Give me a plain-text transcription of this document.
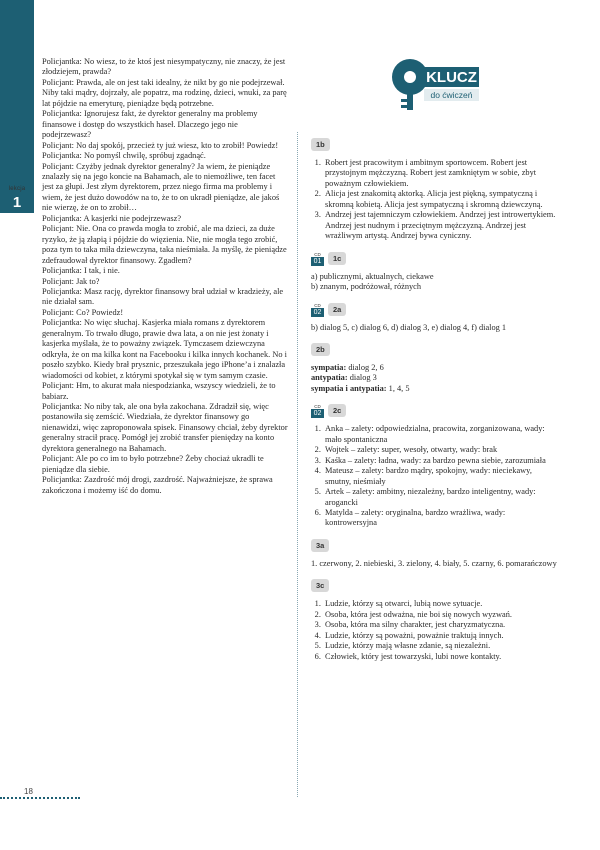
lekcja
1

Policjantka: No wiesz, to że ktoś jest niesympatyczny, nie znaczy, że jest złodziejem, prawda?

Policjant: Prawda, ale on jest taki idealny, że nikt by go nie podejrzewał. Niby taki mądry, dojrzały, ale popatrz, ma rodzinę, dzieci, wnuki, za parę lat pójdzie na emeryturę, pieniądze będą potrzebne.

Policjantka: Ignorujesz fakt, że dyrektor generalny ma problemy finansowe i dostęp do wszystkich haseł. Dlaczego jego nie podejrzewasz?

Policjant: No daj spokój, przecież ty już wiesz, kto to zrobił! Powiedz!

Policjantka: No pomyśl chwilę, spróbuj zgadnąć.

Policjant: Czyżby jednak dyrektor generalny? Ja wiem, że pieniądze znalazły się na jego koncie na Bahamach, ale to niemożliwe, ten facet jest za głupi. Jest złym dyrektorem, przez niego firma ma problemy i wiem, że jest dużo dowodów na to, że to on ukradł pieniądze, ale jakoś nie wierzę, że on to zrobił…

Policjantka: A kasjerki nie podejrzewasz?

Policjant: Nie. Ona co prawda mogła to zrobić, ale ma dzieci, za duże ryzyko, że ją złapią i pójdzie do więzienia. Nie, nie mogła tego zrobić, poza tym to taka miła dziewczyna, taka nieśmiała. Ja myślę, że pieniądze zdefraudował dyrektor finansowy. Zgadłem?

Policjantka: I tak, i nie.

Policjant: Jak to?

Policjantka: Masz rację, dyrektor finansowy brał udział w kradzieży, ale nie działał sam.

Policjant: Co? Powiedz!

Policjantka: No więc słuchaj. Kasjerka miała romans z dyrektorem generalnym. To trwało długo, prawie dwa lata, a on nie jest żonaty i kasjerka myślała, że to poważny związek. Tymczasem dziewczyna odkryła, że on ma kilka kont na Facebooku i kilka innych kochanek. No i poszło szybko. Kiedy brał prysznic, przeszukała jego iPhone’a i znalazła wiadomości od kobiet, z którymi spotykał się w tym samym czasie.

Policjant: Hm, to akurat mała niespodzianka, wszyscy wiedzieli, że to babiarz.

Policjantka: No niby tak, ale ona była zakochana. Zdradził się, więc postanowiła się zemścić. Wiedziała, że dyrektor finansowy go nienawidzi, więc zaproponowała spisek. Finansowy chciał, żeby dyrektor generalny stracił pracę. Pomógł jej zrobić transfer pieniędzy na konto dyrektora generalnego na Bahamach.

Policjant: Ale po co im to było potrzebne? Żeby chociaż ukradli te pieniądze dla siebie.

Policjantka: Zazdrość mój drogi, zazdrość. Najważniejsze, że sprawa zakończona i możemy iść do domu.

KLUCZ
do ćwiczeń
1b
1. Robert jest pracowitym i ambitnym sportowcem. Robert jest przystojnym mężczyzną. Robert jest zamkniętym w sobie, zbyt poważnym człowiekiem.
2. Alicja jest znakomitą aktorką. Alicja jest piękną, sympatyczną i skromną kobietą. Alicja jest sympatyczną i skromną dziewczyną.
3. Andrzej jest tajemniczym człowiekiem. Andrzej jest introwertykiem. Andrzej jest nudnym i przeciętnym mężczyzną. Andrzej jest wrażliwym artystą. Andrzej bywa cyniczny.
CD
01	1c

a) publicznymi, aktualnych, ciekawe

b) znanym, podróżował, różnych

CD
02	2a

b) dialog 5, c) dialog 6, d) dialog 3, e) dialog 4, f) dialog 1

2b

sympatia: dialog 2, 6

antypatia: dialog 3

sympatia i antypatia: 1, 4, 5

CD
02	2c
1. Anka – zalety: odpowiedzialna, pracowita, zorganizowana, wady: mało spontaniczna
2. Wojtek – zalety: super, wesoły, otwarty, wady: brak
3. Kaśka – zalety: ładna, wady: za bardzo pewna siebie, zarozumiała
4. Mateusz – zalety: bardzo mądry, spokojny, wady: nieciekawy, smutny, nieśmiały
5. Artek – zalety: ambitny, niezależny, bardzo inteligentny, wady: arogancki
6. Matylda – zalety: oryginalna, bardzo wrażliwa, wady: kontrowersyjna
3a

1. czerwony, 2. niebieski, 3. zielony, 4. biały, 5. czarny, 6. pomarańczowy

3c
1. Ludzie, którzy są otwarci, lubią nowe sytuacje.
2. Osoba, która jest odważna, nie boi się nowych wyzwań.
3. Osoba, która ma silny charakter, jest charyzmatyczna.
4. Ludzie, którzy są poważni, poważnie traktują innych.
5. Ludzie, którzy mają własne zdanie, są niezależni.
6. Człowiek, który jest towarzyski, lubi nowe kontakty.
18
